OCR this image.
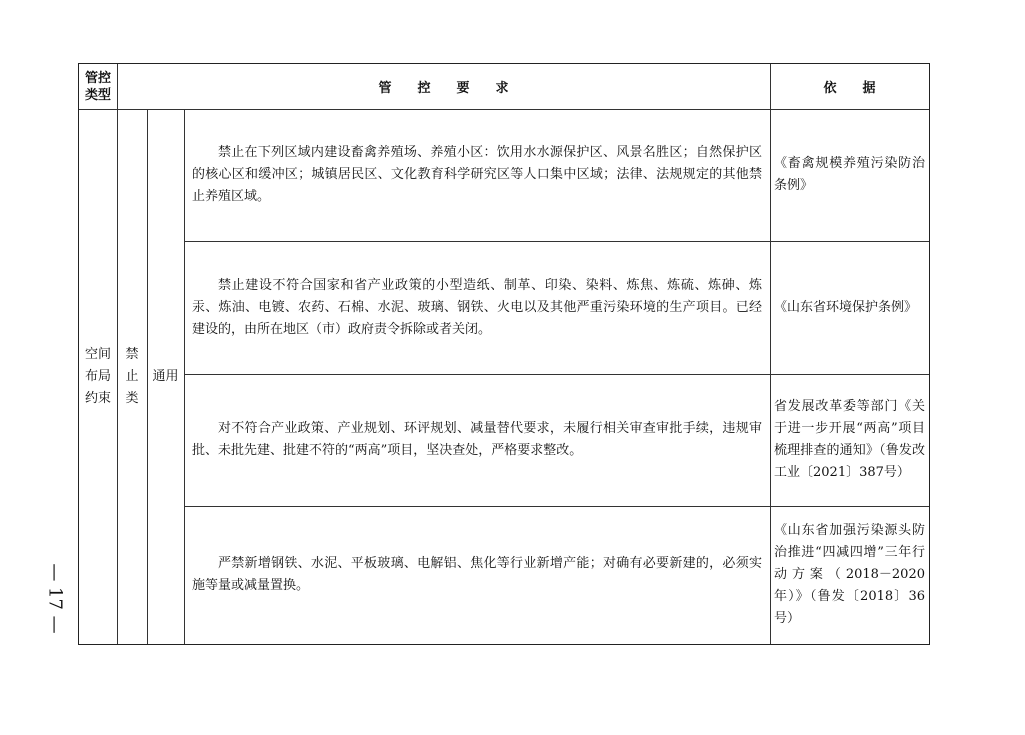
管控
类型	管　　控　　要　　求	依　　据
空间
布局
约束
禁
止
类
通用
禁止在下列区域内建设畜禽养殖场、养殖小区：饮用水水源保护区、风景名胜区；自然保护区的核心区和缓冲区；城镇居民区、文化教育科学研究区等人口集中区域；法律、法规规定的其他禁止养殖区域。
《畜禽规模养殖污染防治条例》
禁止建设不符合国家和省产业政策的小型造纸、制革、印染、染料、炼焦、炼硫、炼砷、炼汞、炼油、电镀、农药、石棉、水泥、玻璃、钢铁、火电以及其他严重污染环境的生产项目。已经建设的，由所在地区（市）政府责令拆除或者关闭。
《山东省环境保护条例》
对不符合产业政策、产业规划、环评规划、减量替代要求，未履行相关审查审批手续，违规审批、未批先建、批建不符的“两高”项目，坚决查处，严格要求整改。
省发展改革委等部门《关于进一步开展“两高”项目梳理排查的通知》（鲁发改工业〔2021〕387号）
严禁新增钢铁、水泥、平板玻璃、电解铝、焦化等行业新增产能；对确有必要新建的，必须实施等量或减量置换。
《山东省加强污染源头防治推进“四减四增”三年行动方案（2018－2020年）》（鲁发〔2018〕36号）
— 17 —
